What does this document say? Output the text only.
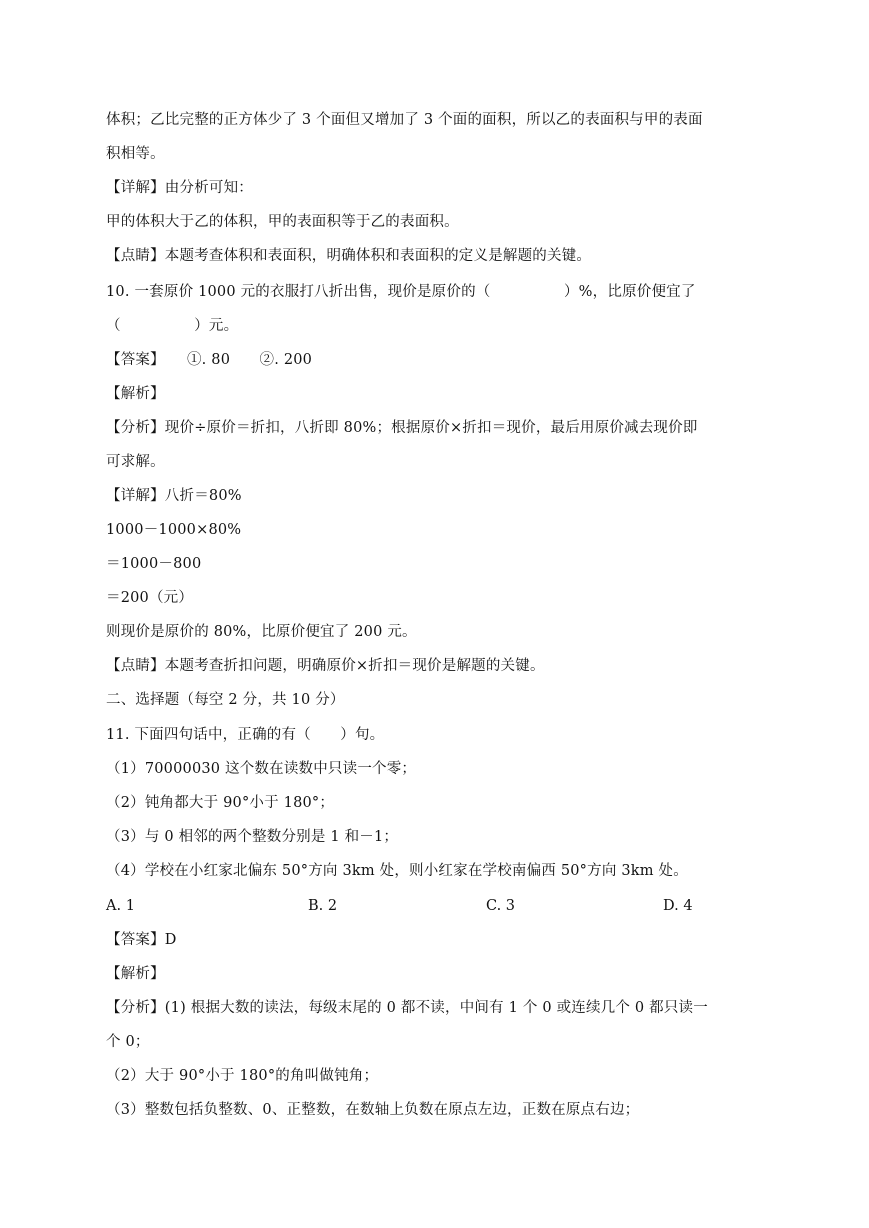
体积；乙比完整的正方体少了 3 个面但又增加了 3 个面的面积，所以乙的表面积与甲的表面
积相等。
【详解】由分析可知：
甲的体积大于乙的体积，甲的表面积等于乙的表面积。
【点睛】本题考查体积和表面积，明确体积和表面积的定义是解题的关键。
10. 一套原价 1000 元的衣服打八折出售，现价是原价的（　　　　　）%，比原价便宜了
（　　　　　）元。
【答案】　　①. 80　　②. 200
【解析】
【分析】现价÷原价＝折扣，八折即 80%；根据原价×折扣＝现价，最后用原价减去现价即
可求解。
【详解】八折＝80%
1000－1000×80%
＝1000－800
＝200（元）
则现价是原价的 80%，比原价便宜了 200 元。
【点睛】本题考查折扣问题，明确原价×折扣＝现价是解题的关键。
二、选择题（每空 2 分，共 10 分）
11. 下面四句话中，正确的有（　　）句。
（1）70000030 这个数在读数中只读一个零；
（2）钝角都大于 90°小于 180°；
（3）与 0 相邻的两个整数分别是 1 和－1；
（4）学校在小红家北偏东 50°方向 3km 处，则小红家在学校南偏西 50°方向 3km 处。
A. 1	B. 2	C. 3	D. 4
【答案】D
【解析】
【分析】(1) 根据大数的读法，每级末尾的 0 都不读，中间有 1 个 0 或连续几个 0 都只读一
个 0；
（2）大于 90°小于 180°的角叫做钝角；
（3）整数包括负整数、0、正整数，在数轴上负数在原点左边，正数在原点右边；
